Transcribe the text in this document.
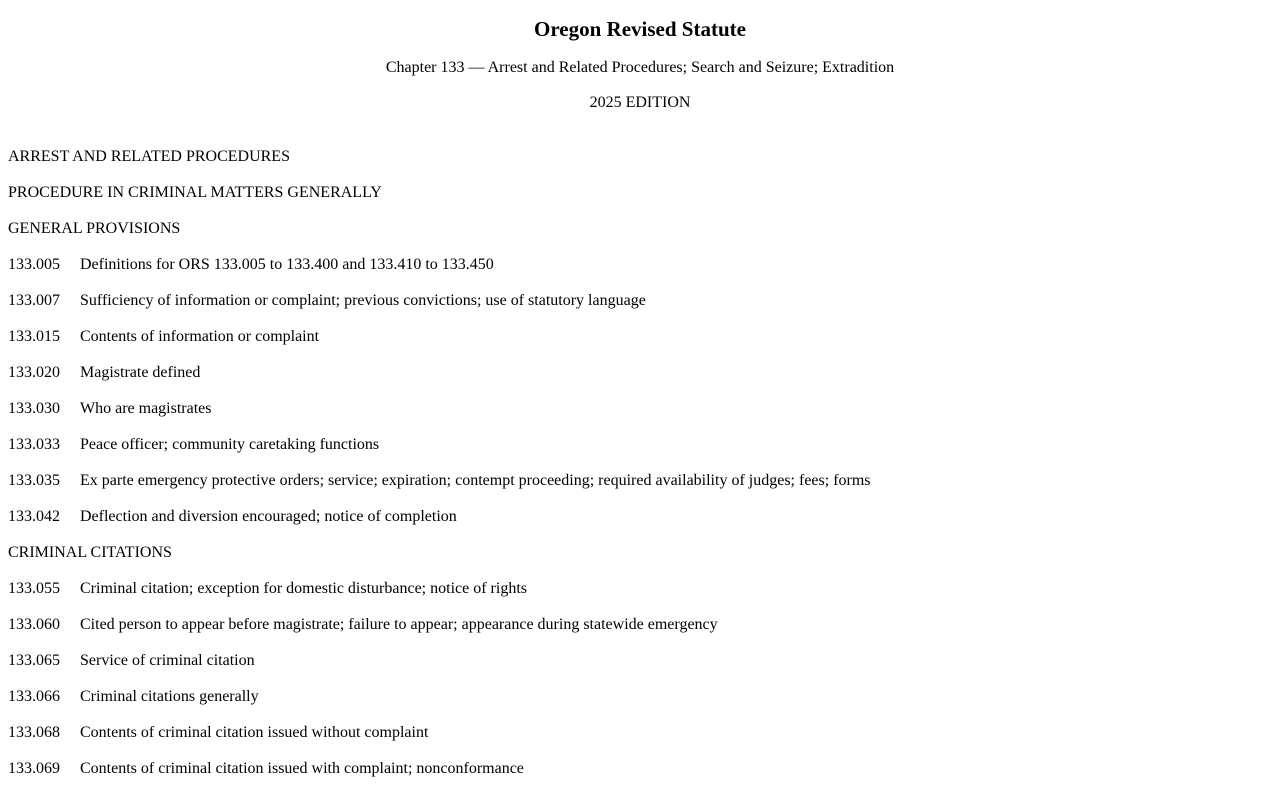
Oregon Revised Statute
Chapter 133 — Arrest and Related Procedures; Search and Seizure; Extradition
2025 EDITION
ARREST AND RELATED PROCEDURES
PROCEDURE IN CRIMINAL MATTERS GENERALLY
GENERAL PROVISIONS
133.005	Definitions for ORS 133.005 to 133.400 and 133.410 to 133.450
133.007	Sufficiency of information or complaint; previous convictions; use of statutory language
133.015	Contents of information or complaint
133.020	Magistrate defined
133.030	Who are magistrates
133.033	Peace officer; community caretaking functions
133.035	Ex parte emergency protective orders; service; expiration; contempt proceeding; required availability of judges; fees; forms
133.042	Deflection and diversion encouraged; notice of completion
CRIMINAL CITATIONS
133.055	Criminal citation; exception for domestic disturbance; notice of rights
133.060	Cited person to appear before magistrate; failure to appear; appearance during statewide emergency
133.065	Service of criminal citation
133.066	Criminal citations generally
133.068	Contents of criminal citation issued without complaint
133.069	Contents of criminal citation issued with complaint; nonconformance
